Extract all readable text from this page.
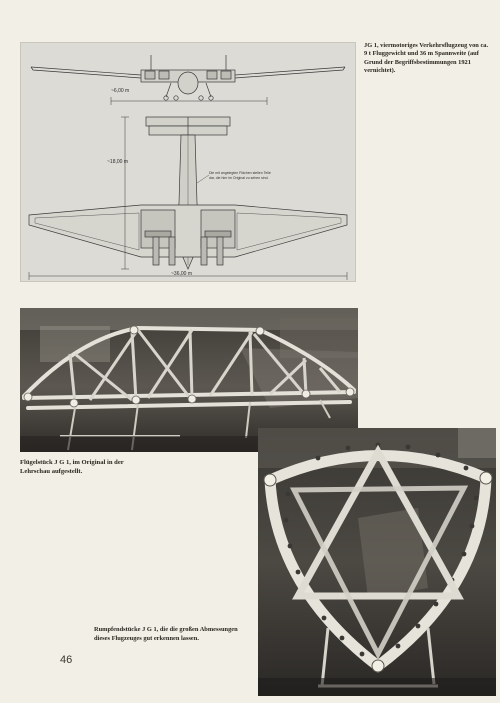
~6,00 m
~18,00 m
~36,00 m
Die mit angelegten Flächen stellen Teile dar, die hier im Original zu sehen sind.
JG 1, viermotoriges Verkehrsflugzeug von ca. 9 t Fluggewicht und 36 m Spannweite (auf Grund der Begriffsbestimmungen 1921 vernichtet).
Flügelstück J G 1, im Original in der Lehrschau aufgestellt.
Rumpfendstücke J G 1, die die großen Abmessungen dieses Flugzeuges gut erkennen lassen.
46
